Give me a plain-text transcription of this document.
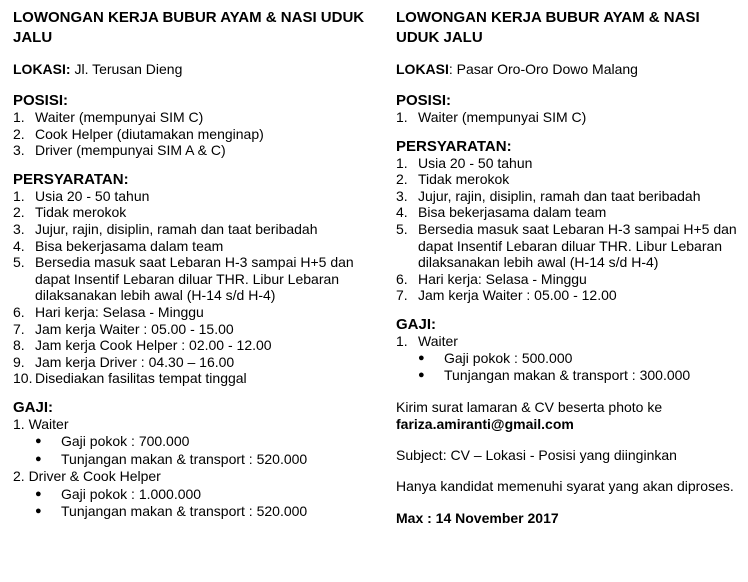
LOWONGAN KERJA BUBUR AYAM & NASI UDUK JALU
LOKASI: Jl. Terusan Dieng
POSISI:
1. Waiter (mempunyai SIM C)
2. Cook Helper (diutamakan menginap)
3. Driver (mempunyai SIM A & C)
PERSYARATAN:
1. Usia 20 - 50 tahun
2. Tidak merokok
3. Jujur, rajin, disiplin, ramah dan taat beribadah
4. Bisa bekerjasama dalam team
5. Bersedia masuk saat Lebaran H-3 sampai H+5 dan dapat Insentif Lebaran diluar THR. Libur Lebaran dilaksanakan lebih awal (H-14 s/d H-4)
6. Hari kerja: Selasa - Minggu
7. Jam kerja Waiter : 05.00 - 15.00
8. Jam kerja Cook Helper : 02.00 - 12.00
9. Jam kerja Driver : 04.30 – 16.00
10. Disediakan fasilitas tempat tinggal
GAJI:
1. Waiter
● Gaji pokok : 700.000
● Tunjangan makan & transport : 520.000
2. Driver & Cook Helper
● Gaji pokok : 1.000.000
● Tunjangan makan & transport : 520.000
LOWONGAN KERJA BUBUR AYAM & NASI UDUK JALU
LOKASI: Pasar Oro-Oro Dowo Malang
POSISI:
1. Waiter (mempunyai SIM C)
PERSYARATAN:
1. Usia 20 - 50 tahun
2. Tidak merokok
3. Jujur, rajin, disiplin, ramah dan taat beribadah
4. Bisa bekerjasama dalam team
5. Bersedia masuk saat Lebaran H-3 sampai H+5 dan dapat Insentif Lebaran diluar THR. Libur Lebaran dilaksanakan lebih awal (H-14 s/d H-4)
6. Hari kerja: Selasa - Minggu
7. Jam kerja Waiter : 05.00 - 12.00
GAJI:
1. Waiter
● Gaji pokok : 500.000
● Tunjangan makan & transport : 300.000
Kirim surat lamaran & CV beserta photo ke
fariza.amiranti@gmail.com
Subject: CV – Lokasi - Posisi yang diinginkan
Hanya kandidat memenuhi syarat yang akan diproses.
Max : 14 November 2017
